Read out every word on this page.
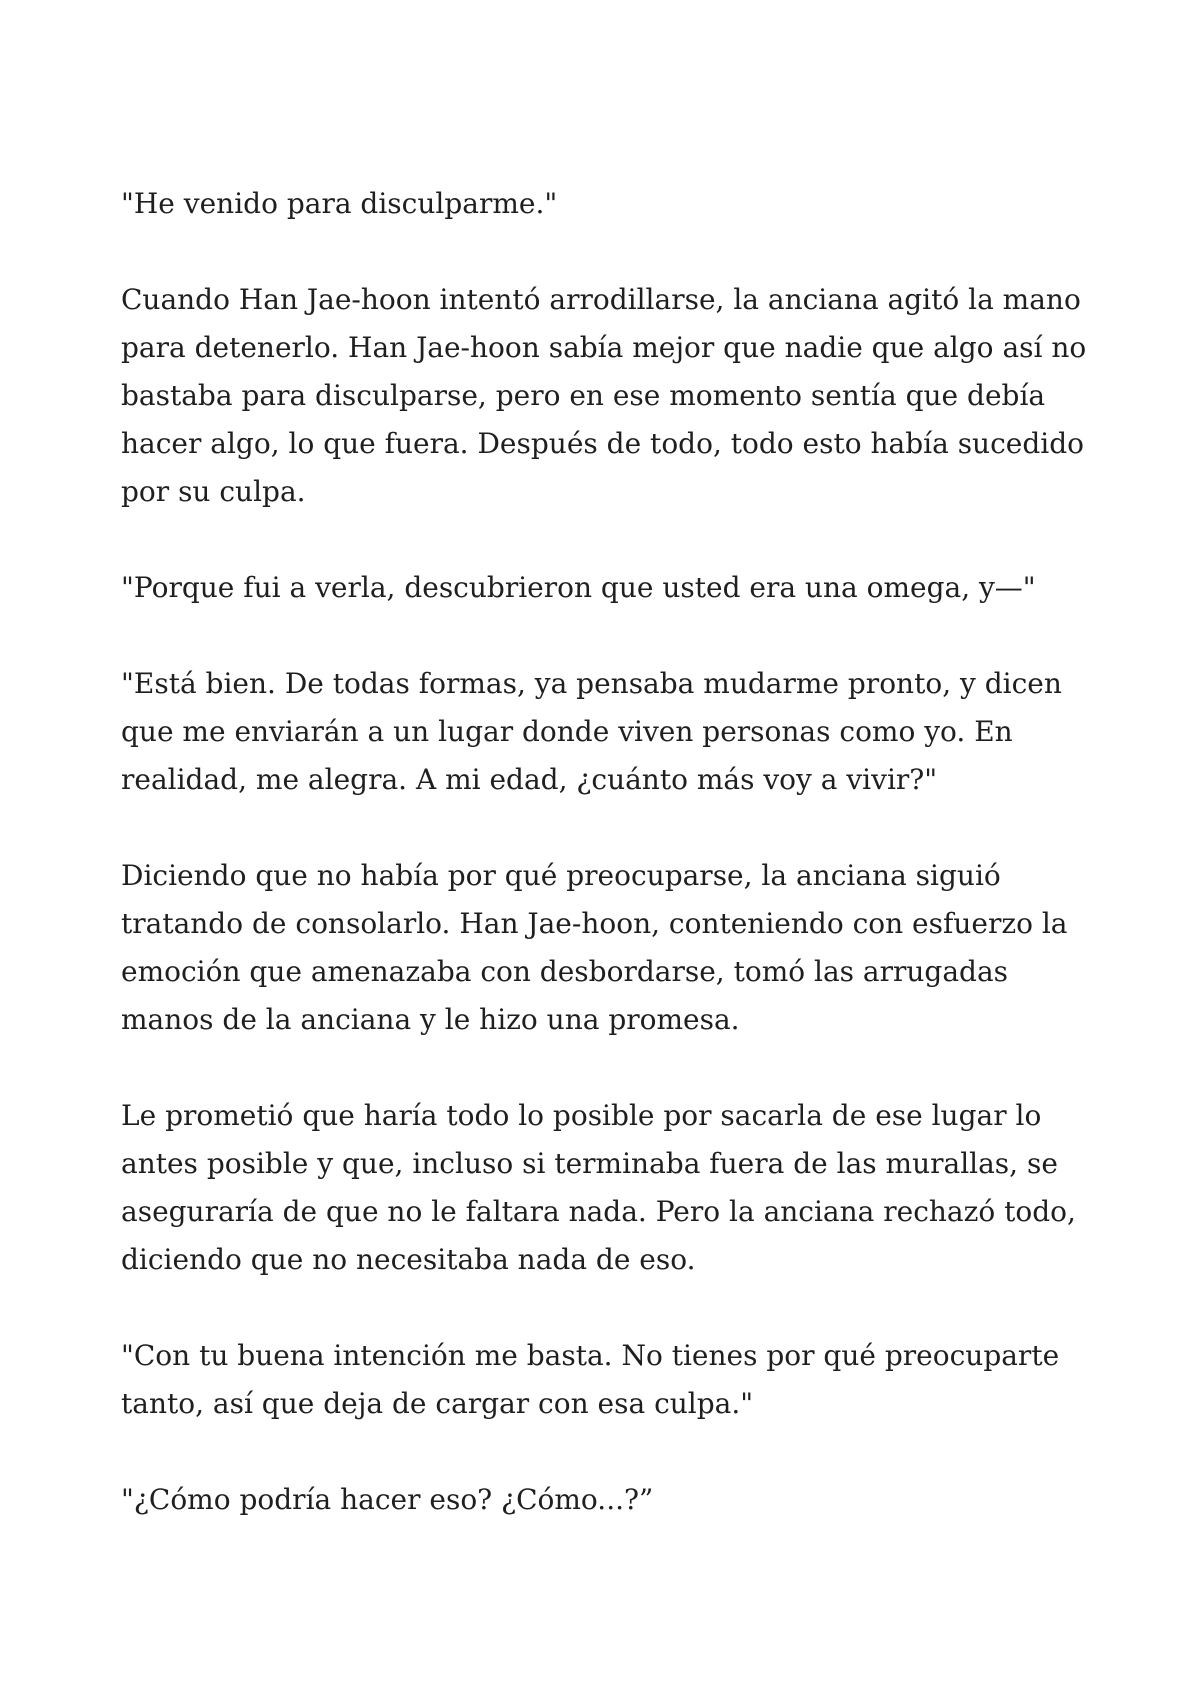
"He venido para disculparme."

Cuando Han Jae-hoon intentó arrodillarse, la anciana agitó la mano
para detenerlo. Han Jae-hoon sabía mejor que nadie que algo así no
bastaba para disculparse, pero en ese momento sentía que debía
hacer algo, lo que fuera. Después de todo, todo esto había sucedido
por su culpa.

"Porque fui a verla, descubrieron que usted era una omega, y—"

"Está bien. De todas formas, ya pensaba mudarme pronto, y dicen
que me enviarán a un lugar donde viven personas como yo. En
realidad, me alegra. A mi edad, ¿cuánto más voy a vivir?"

Diciendo que no había por qué preocuparse, la anciana siguió
tratando de consolarlo. Han Jae-hoon, conteniendo con esfuerzo la
emoción que amenazaba con desbordarse, tomó las arrugadas
manos de la anciana y le hizo una promesa.

Le prometió que haría todo lo posible por sacarla de ese lugar lo
antes posible y que, incluso si terminaba fuera de las murallas, se
aseguraría de que no le faltara nada. Pero la anciana rechazó todo,
diciendo que no necesitaba nada de eso.

"Con tu buena intención me basta. No tienes por qué preocuparte
tanto, así que deja de cargar con esa culpa."

"¿Cómo podría hacer eso? ¿Cómo...?”
